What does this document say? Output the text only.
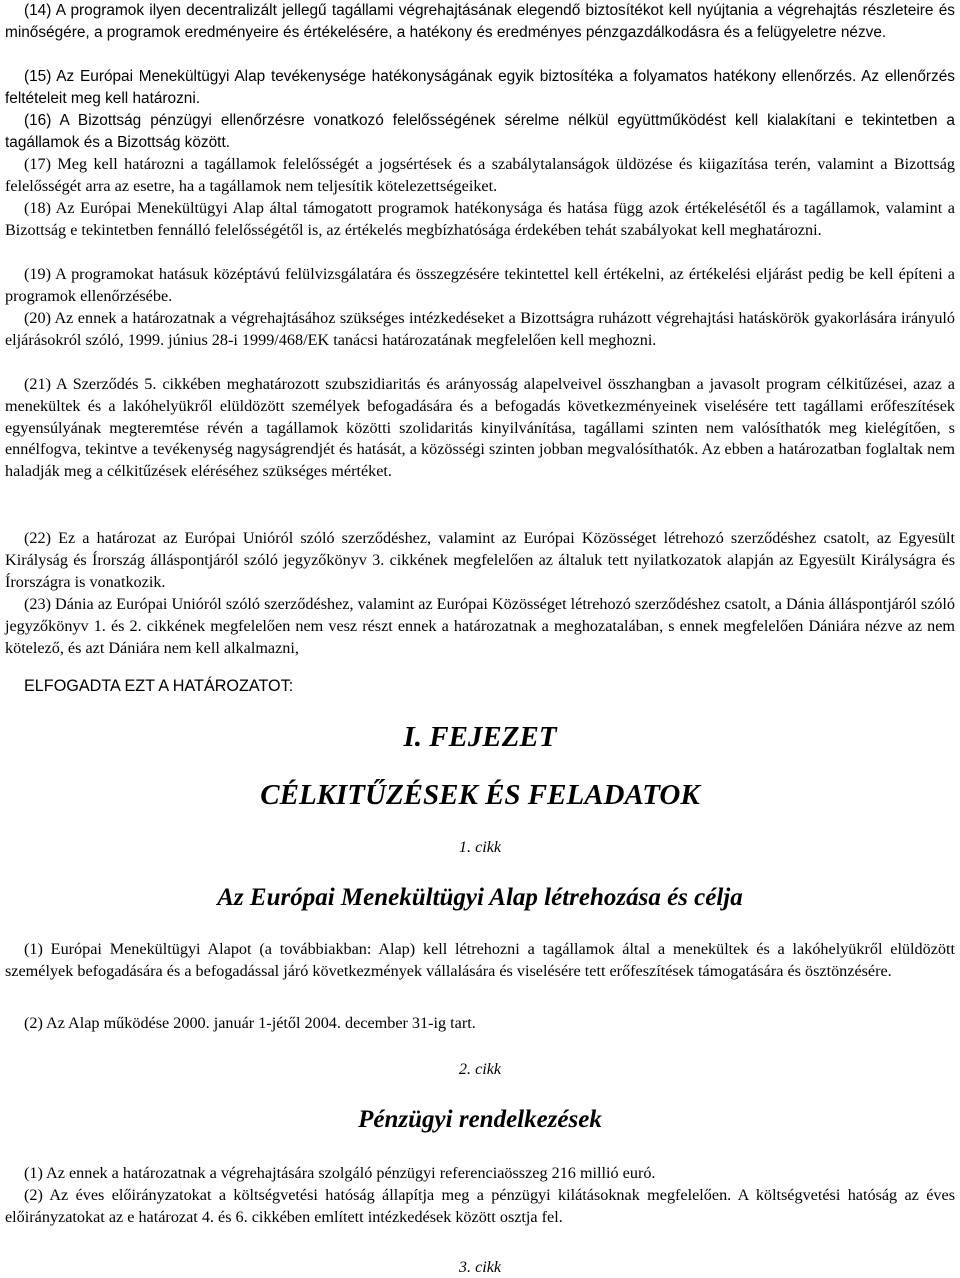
(14) A programok ilyen decentralizált jellegű tagállami végrehajtásának elegendő biztosítékot kell nyújtania a végrehajtás részleteire és minőségére, a programok eredményeire és értékelésére, a hatékony és eredményes pénzgazdálkodásra és a felügyeletre nézve.

(15) Az Európai Menekültügyi Alap tevékenysége hatékonyságának egyik biztosítéka a folyamatos hatékony ellenőrzés. Az ellenőrzés feltételeit meg kell határozni.

(16) A Bizottság pénzügyi ellenőrzésre vonatkozó felelősségének sérelme nélkül együttműködést kell kialakítani e tekintetben a tagállamok és a Bizottság között.

(17) Meg kell határozni a tagállamok felelősségét a jogsértések és a szabálytalanságok üldözése és kiigazítása terén, valamint a Bizottság felelősségét arra az esetre, ha a tagállamok nem teljesítik kötelezettségeiket.

(18) Az Európai Menekültügyi Alap által támogatott programok hatékonysága és hatása függ azok értékelésétől és a tagállamok, valamint a Bizottság e tekintetben fennálló felelősségétől is, az értékelés megbízhatósága érdekében tehát szabályokat kell meghatározni.

(19) A programokat hatásuk középtávú felülvizsgálatára és összegzésére tekintettel kell értékelni, az értékelési eljárást pedig be kell építeni a programok ellenőrzésébe.

(20) Az ennek a határozatnak a végrehajtásához szükséges intézkedéseket a Bizottságra ruházott végrehajtási hatáskörök gyakorlására irányuló eljárásokról szóló, 1999. június 28-i 1999/468/EK tanácsi határozatának megfelelően kell meghozni.

(21) A Szerződés 5. cikkében meghatározott szubszidiaritás és arányosság alapelveivel összhangban a javasolt program célkitűzései, azaz a menekültek és a lakóhelyükről elüldözött személyek befogadására és a befogadás következményeinek viselésére tett tagállami erőfeszítések egyensúlyának megteremtése révén a tagállamok közötti szolidaritás kinyilvánítása, tagállami szinten nem valósíthatók meg kielégítően, s ennélfogva, tekintve a tevékenység nagyságrendjét és hatását, a közösségi szinten jobban megvalósíthatók. Az ebben a határozatban foglaltak nem haladják meg a célkitűzések eléréséhez szükséges mértéket.

(22) Ez a határozat az Európai Unióról szóló szerződéshez, valamint az Európai Közösséget létrehozó szerződéshez csatolt, az Egyesült Királyság és Írország álláspontjáról szóló jegyzőkönyv 3. cikkének megfelelően az általuk tett nyilatkozatok alapján az Egyesült Királyságra és Írországra is vonatkozik.

(23) Dánia az Európai Unióról szóló szerződéshez, valamint az Európai Közösséget létrehozó szerződéshez csatolt, a Dánia álláspontjáról szóló jegyzőkönyv 1. és 2. cikkének megfelelően nem vesz részt ennek a határozatnak a meghozatalában, s ennek megfelelően Dániára nézve az nem kötelező, és azt Dániára nem kell alkalmazni,

ELFOGADTA EZT A HATÁROZATOT:

I. FEJEZET
CÉLKITŰZÉSEK ÉS FELADATOK

1. cikk

Az Európai Menekültügyi Alap létrehozása és célja

(1) Európai Menekültügyi Alapot (a továbbiakban: Alap) kell létrehozni a tagállamok által a menekültek és a lakóhelyükről elüldözött személyek befogadására és a befogadással járó következmények vállalására és viselésére tett erőfeszítések támogatására és ösztönzésére.

(2) Az Alap működése 2000. január 1-jétől 2004. december 31-ig tart.

2. cikk

Pénzügyi rendelkezések

(1) Az ennek a határozatnak a végrehajtására szolgáló pénzügyi referenciaösszeg 216 millió euró.

(2) Az éves előirányzatokat a költségvetési hatóság állapítja meg a pénzügyi kilátásoknak megfelelően. A költségvetési hatóság az éves előirányzatokat az e határozat 4. és 6. cikkében említett intézkedések között osztja fel.

3. cikk
